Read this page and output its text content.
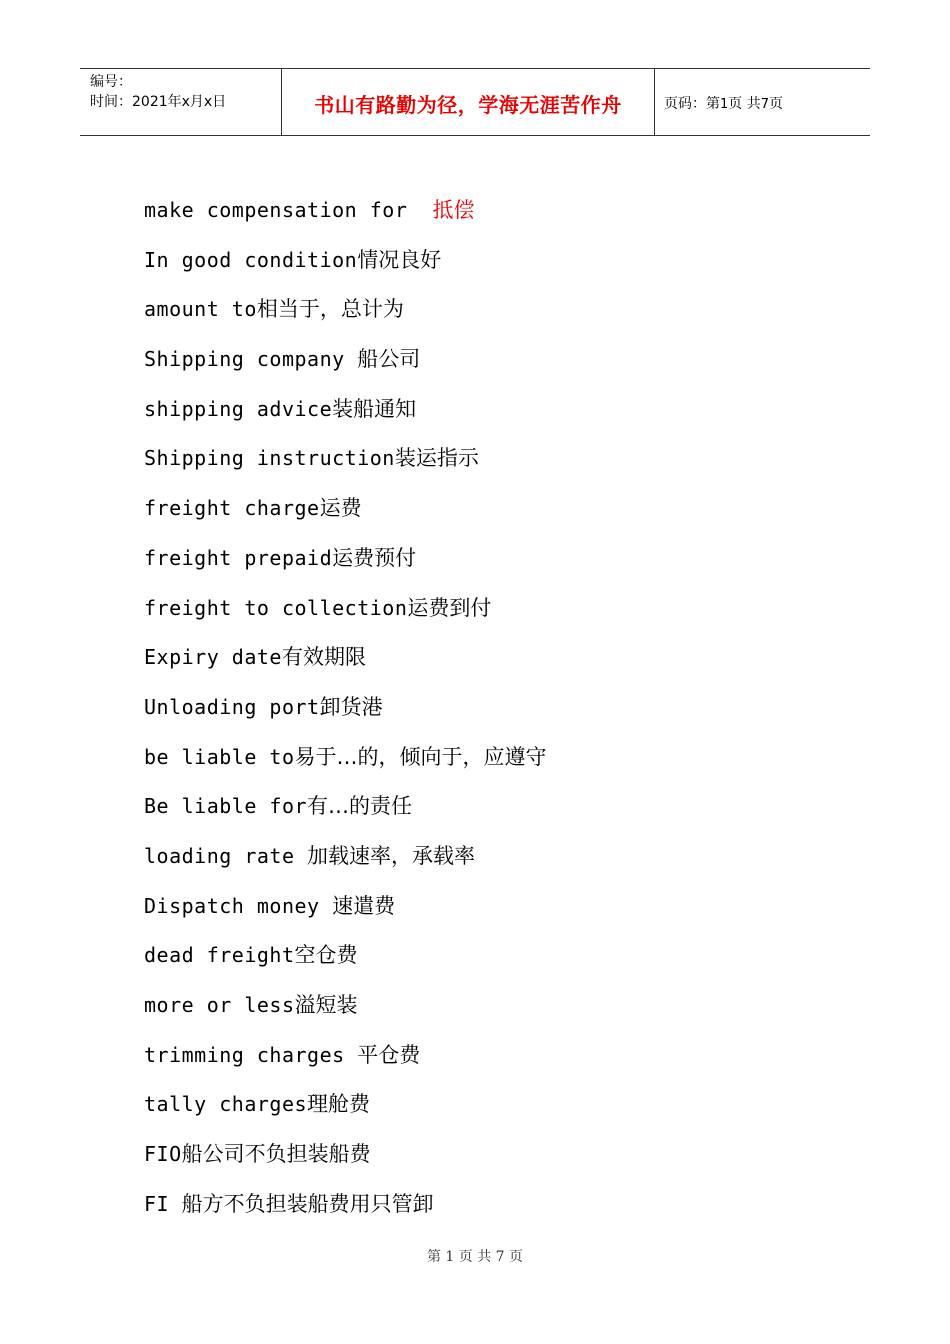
编号：
时间：2021年x月x日	书山有路勤为径，学海无涯苦作舟	页码：第1页 共7页
make compensation for  抵偿
In good condition情况良好
amount to相当于，总计为
Shipping company 船公司
shipping advice装船通知
Shipping instruction装运指示
freight charge运费
freight prepaid运费预付
freight to collection运费到付
Expiry date有效期限
Unloading port卸货港
be liable to易于…的，倾向于，应遵守
Be liable for有…的责任
loading rate 加载速率，承载率
Dispatch money 速遣费
dead freight空仓费
more or less溢短装
trimming charges 平仓费
tally charges理舱费
FIO船公司不负担装船费
FI 船方不负担装船费用只管卸
第 1 页 共 7 页
